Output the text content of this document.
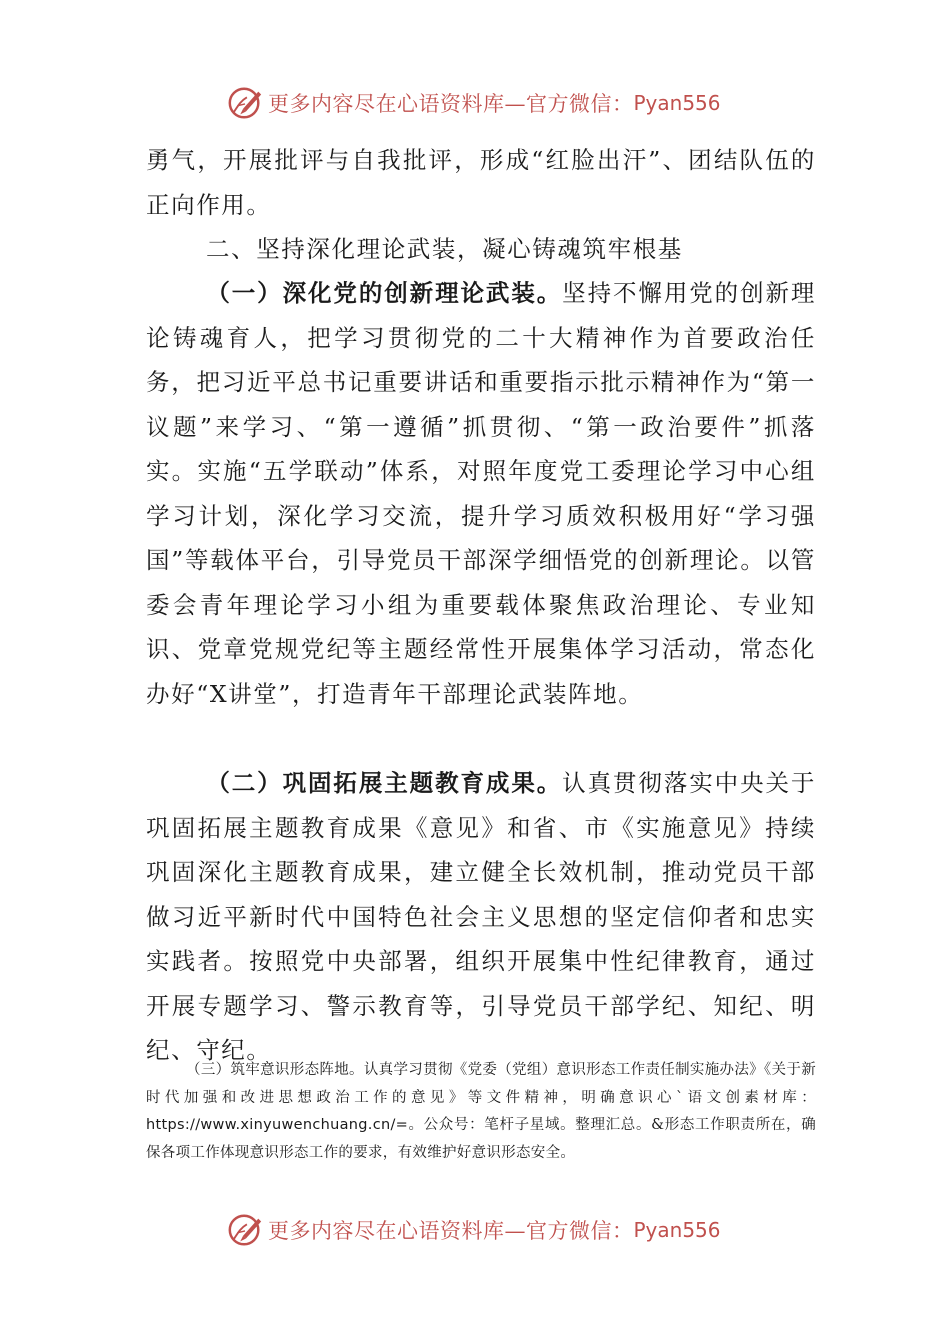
更多内容尽在心语资料库—官方微信： Pyan556

勇气，开展批评与自我批评，形成“红脸出汗”、团结队伍的正向作用。

二、坚持深化理论武装，凝心铸魂筑牢根基

（一）深化党的创新理论武装。坚持不懈用党的创新理论铸魂育人，把学习贯彻党的二十大精神作为首要政治任务，把习近平总书记重要讲话和重要指示批示精神作为“第一议题”来学习、“第一遵循”抓贯彻、“第一政治要件”抓落实。实施“五学联动”体系，对照年度党工委理论学习中心组学习计划，深化学习交流，提升学习质效积极用好“学习强国”等载体平台，引导党员干部深学细悟党的创新理论。以管委会青年理论学习小组为重要载体聚焦政治理论、专业知识、党章党规党纪等主题经常性开展集体学习活动，常态化办好“X讲堂”，打造青年干部理论武装阵地。

（二）巩固拓展主题教育成果。认真贯彻落实中央关于巩固拓展主题教育成果《意见》和省、市《实施意见》持续巩固深化主题教育成果，建立健全长效机制，推动党员干部做习近平新时代中国特色社会主义思想的坚定信仰者和忠实实践者。按照党中央部署，组织开展集中性纪律教育，通过开展专题学习、警示教育等，引导党员干部学纪、知纪、明纪、守纪。

（三）筑牢意识形态阵地。认真学习贯彻《党委（党组）意识形态工作责任制实施办法》《关于新时代加强和改进思想政治工作的意见》等文件精神，明确意识心`语文创素材库：https://www.xinyuwenchuang.cn/=。公众号：笔杆子星域。整理汇总。&形态工作职责所在，确保各项工作体现意识形态工作的要求，有效维护好意识形态安全。

更多内容尽在心语资料库—官方微信： Pyan556
